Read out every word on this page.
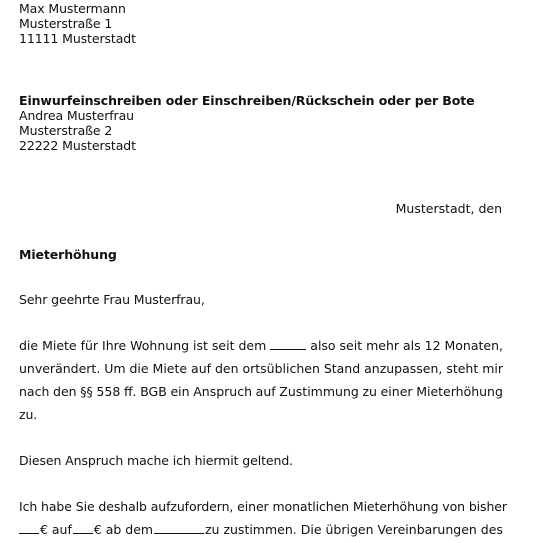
Max Mustermann
Musterstraße 1
11111 Musterstadt
Einwurfeinschreiben oder Einschreiben/Rückschein oder per Bote
Andrea Musterfrau
Musterstraße 2
22222 Musterstadt
Musterstadt, den
Mieterhöhung
Sehr geehrte Frau Musterfrau,
die Miete für Ihre Wohnung ist seit dem	also seit mehr als 12 Monaten,
unverändert. Um die Miete auf den ortsüblichen Stand anzupassen, steht mir
nach den §§ 558 ff. BGB ein Anspruch auf Zustimmung zu einer Mieterhöhung
zu.
Diesen Anspruch mache ich hiermit geltend.
Ich habe Sie deshalb aufzufordern, einer monatlichen Mieterhöhung von bisher
€ auf € ab dem	zu zustimmen. Die übrigen Vereinbarungen des
